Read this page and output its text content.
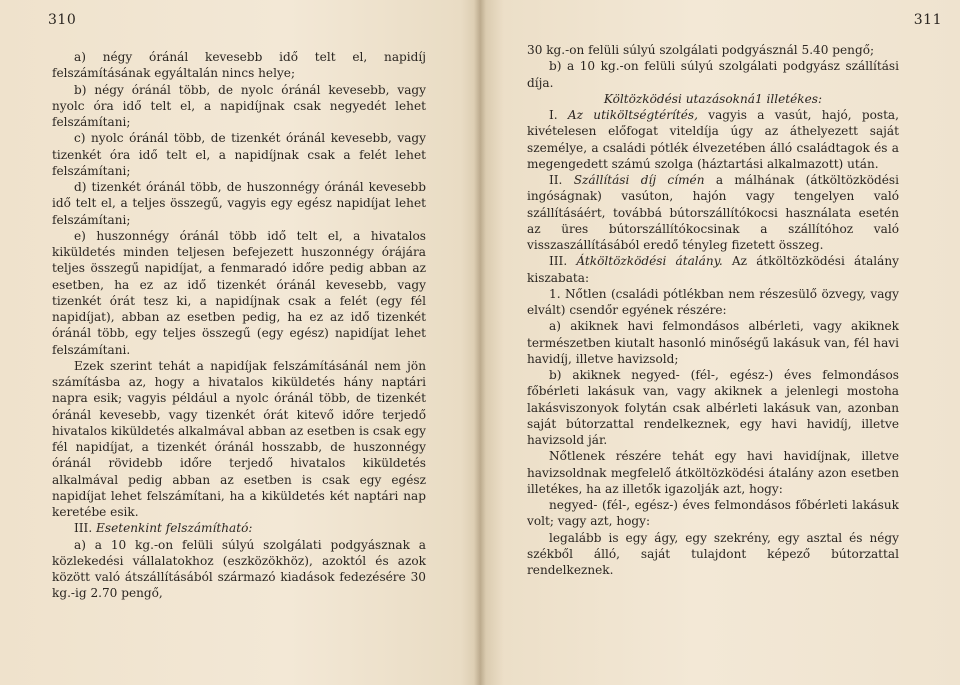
310

a) négy óránál kevesebb idő telt el, napidíj felszámításának egyáltalán nincs helye;

b) négy óránál több, de nyolc óránál kevesebb, vagy nyolc óra idő telt el, a napidíjnak csak negyedét lehet felszámítani;

c) nyolc óránál több, de tizenkét óránál kevesebb, vagy tizenkét óra idő telt el, a napidíjnak csak a felét lehet felszámítani;

d) tizenkét óránál több, de huszonnégy óránál kevesebb idő telt el, a teljes összegű, vagyis egy egész napidíjat lehet felszámítani;

e) huszonnégy óránál több idő telt el, a hivatalos kiküldetés minden teljesen befejezett huszonnégy órájára teljes összegű napidíjat, a fenmaradó időre pedig abban az esetben, ha ez az idő tizenkét óránál kevesebb, vagy tizenkét órát tesz ki, a napidíjnak csak a felét (egy fél napidíjat), abban az esetben pedig, ha ez az idő tizenkét óránál több, egy teljes összegű (egy egész) napidíjat lehet felszámítani.

Ezek szerint tehát a napidíjak felszámításánál nem jön számításba az, hogy a hivatalos kiküldetés hány naptári napra esik; vagyis például a nyolc óránál több, de tizenkét óránál kevesebb, vagy tizenkét órát kitevő időre terjedő hivatalos kiküldetés alkalmával abban az esetben is csak egy fél napidíjat, a tizenkét óránál hosszabb, de huszonnégy óránál rövidebb időre terjedő hivatalos kiküldetés alkalmával pedig abban az esetben is csak egy egész napidíjat lehet felszámítani, ha a kiküldetés két naptári nap keretébe esik.

III. Esetenkint felszámítható:

a) a 10 kg.-on felüli súlyú szolgálati podgyásznak a közlekedési vállalatokhoz (eszközökhöz), azoktól és azok között való átszállításából származó kiadások fedezésére 30 kg.-ig 2.70 pengő,

311

30 kg.-on felüli súlyú szolgálati podgyásznál 5.40 pengő;

b) a 10 kg.-on felüli súlyú szolgálati podgyász szállítási díja.

Költözködési utazásokná1 illetékes:

I. Az utiköltségtérítés, vagyis a vasút, hajó, posta, kivételesen előfogat viteldíja úgy az áthelyezett saját személye, a családi pótlék élvezetében álló családtagok és a megengedett számú szolga (háztartási alkalmazott) után.

II. Szállítási díj címén a málhának (átköltözködési ingóságnak) vasúton, hajón vagy tengelyen való szállításáért, továbbá bútorszállítókocsi használata esetén az üres bútorszállítókocsinak a szállítóhoz való visszaszállításából eredő tényleg fizetett összeg.

III. Átköltözködési átalány. Az átköltözködési átalány kiszabata:

1. Nőtlen (családi pótlékban nem részesülő özvegy, vagy elvált) csendőr egyének részére:

a) akiknek havi felmondásos albérleti, vagy akiknek természetben kiutalt hasonló minőségű lakásuk van, fél havi havidíj, illetve havizsold;

b) akiknek negyed- (fél-, egész-) éves felmondásos főbérleti lakásuk van, vagy akiknek a jelenlegi mostoha lakásviszonyok folytán csak albérleti lakásuk van, azonban saját bútorzattal rendelkeznek, egy havi havidíj, illetve havizsold jár.

Nőtlenek részére tehát egy havi havidíjnak, illetve havizsoldnak megfelelő átköltözködési átalány azon esetben illetékes, ha az illetők igazolják azt, hogy:

negyed- (fél-, egész-) éves felmondásos főbérleti lakásuk volt; vagy azt, hogy:

legalább is egy ágy, egy szekrény, egy asztal és négy székből álló, saját tulajdont képező bútorzattal rendelkeznek.
